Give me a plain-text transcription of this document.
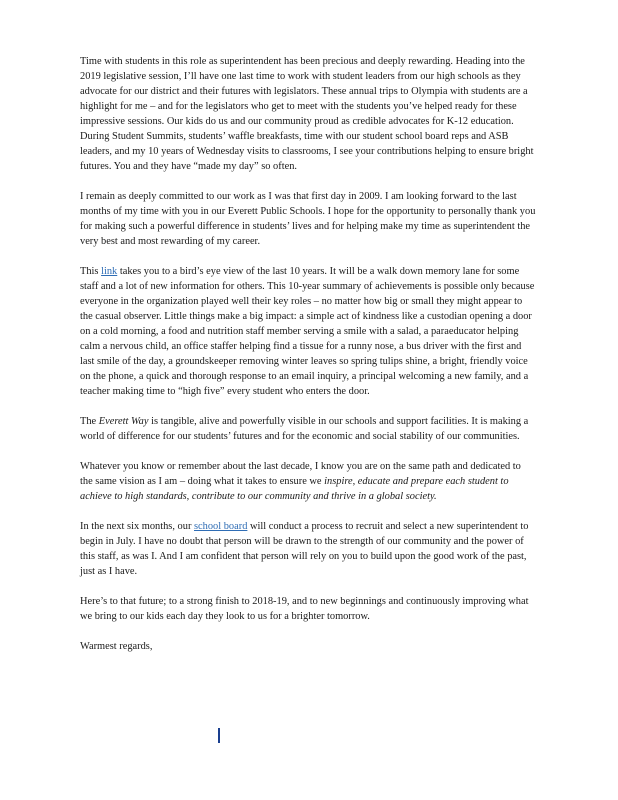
Time with students in this role as superintendent has been precious and deeply rewarding. Heading into the 2019 legislative session, I’ll have one last time to work with student leaders from our high schools as they advocate for our district and their futures with legislators. These annual trips to Olympia with students are a highlight for me – and for the legislators who get to meet with the students you’ve helped ready for these impressive sessions. Our kids do us and our community proud as credible advocates for K-12 education. During Student Summits, students’ waffle breakfasts, time with our student school board reps and ASB leaders, and my 10 years of Wednesday visits to classrooms, I see your contributions helping to ensure bright futures. You and they have “made my day” so often.

I remain as deeply committed to our work as I was that first day in 2009. I am looking forward to the last months of my time with you in our Everett Public Schools. I hope for the opportunity to personally thank you for making such a powerful difference in students’ lives and for helping make my time as superintendent the very best and most rewarding of my career.

This link takes you to a bird’s eye view of the last 10 years. It will be a walk down memory lane for some staff and a lot of new information for others. This 10-year summary of achievements is possible only because everyone in the organization played well their key roles – no matter how big or small they might appear to the casual observer. Little things make a big impact: a simple act of kindness like a custodian opening a door on a cold morning, a food and nutrition staff member serving a smile with a salad, a paraeducator helping calm a nervous child, an office staffer helping find a tissue for a runny nose, a bus driver with the first and last smile of the day, a groundskeeper removing winter leaves so spring tulips shine, a bright, friendly voice on the phone, a quick and thorough response to an email inquiry, a principal welcoming a new family, and a teacher making time to “high five” every student who enters the door.

The Everett Way is tangible, alive and powerfully visible in our schools and support facilities. It is making a world of difference for our students’ futures and for the economic and social stability of our communities.

Whatever you know or remember about the last decade, I know you are on the same path and dedicated to the same vision as I am – doing what it takes to ensure we inspire, educate and prepare each student to achieve to high standards, contribute to our community and thrive in a global society.

In the next six months, our school board will conduct a process to recruit and select a new superintendent to begin in July. I have no doubt that person will be drawn to the strength of our community and the power of this staff, as was I. And I am confident that person will rely on you to build upon the good work of the past, just as I have.

Here’s to that future; to a strong finish to 2018-19, and to new beginnings and continuously improving what we bring to our kids each day they look to us for a brighter tomorrow.

Warmest regards,
